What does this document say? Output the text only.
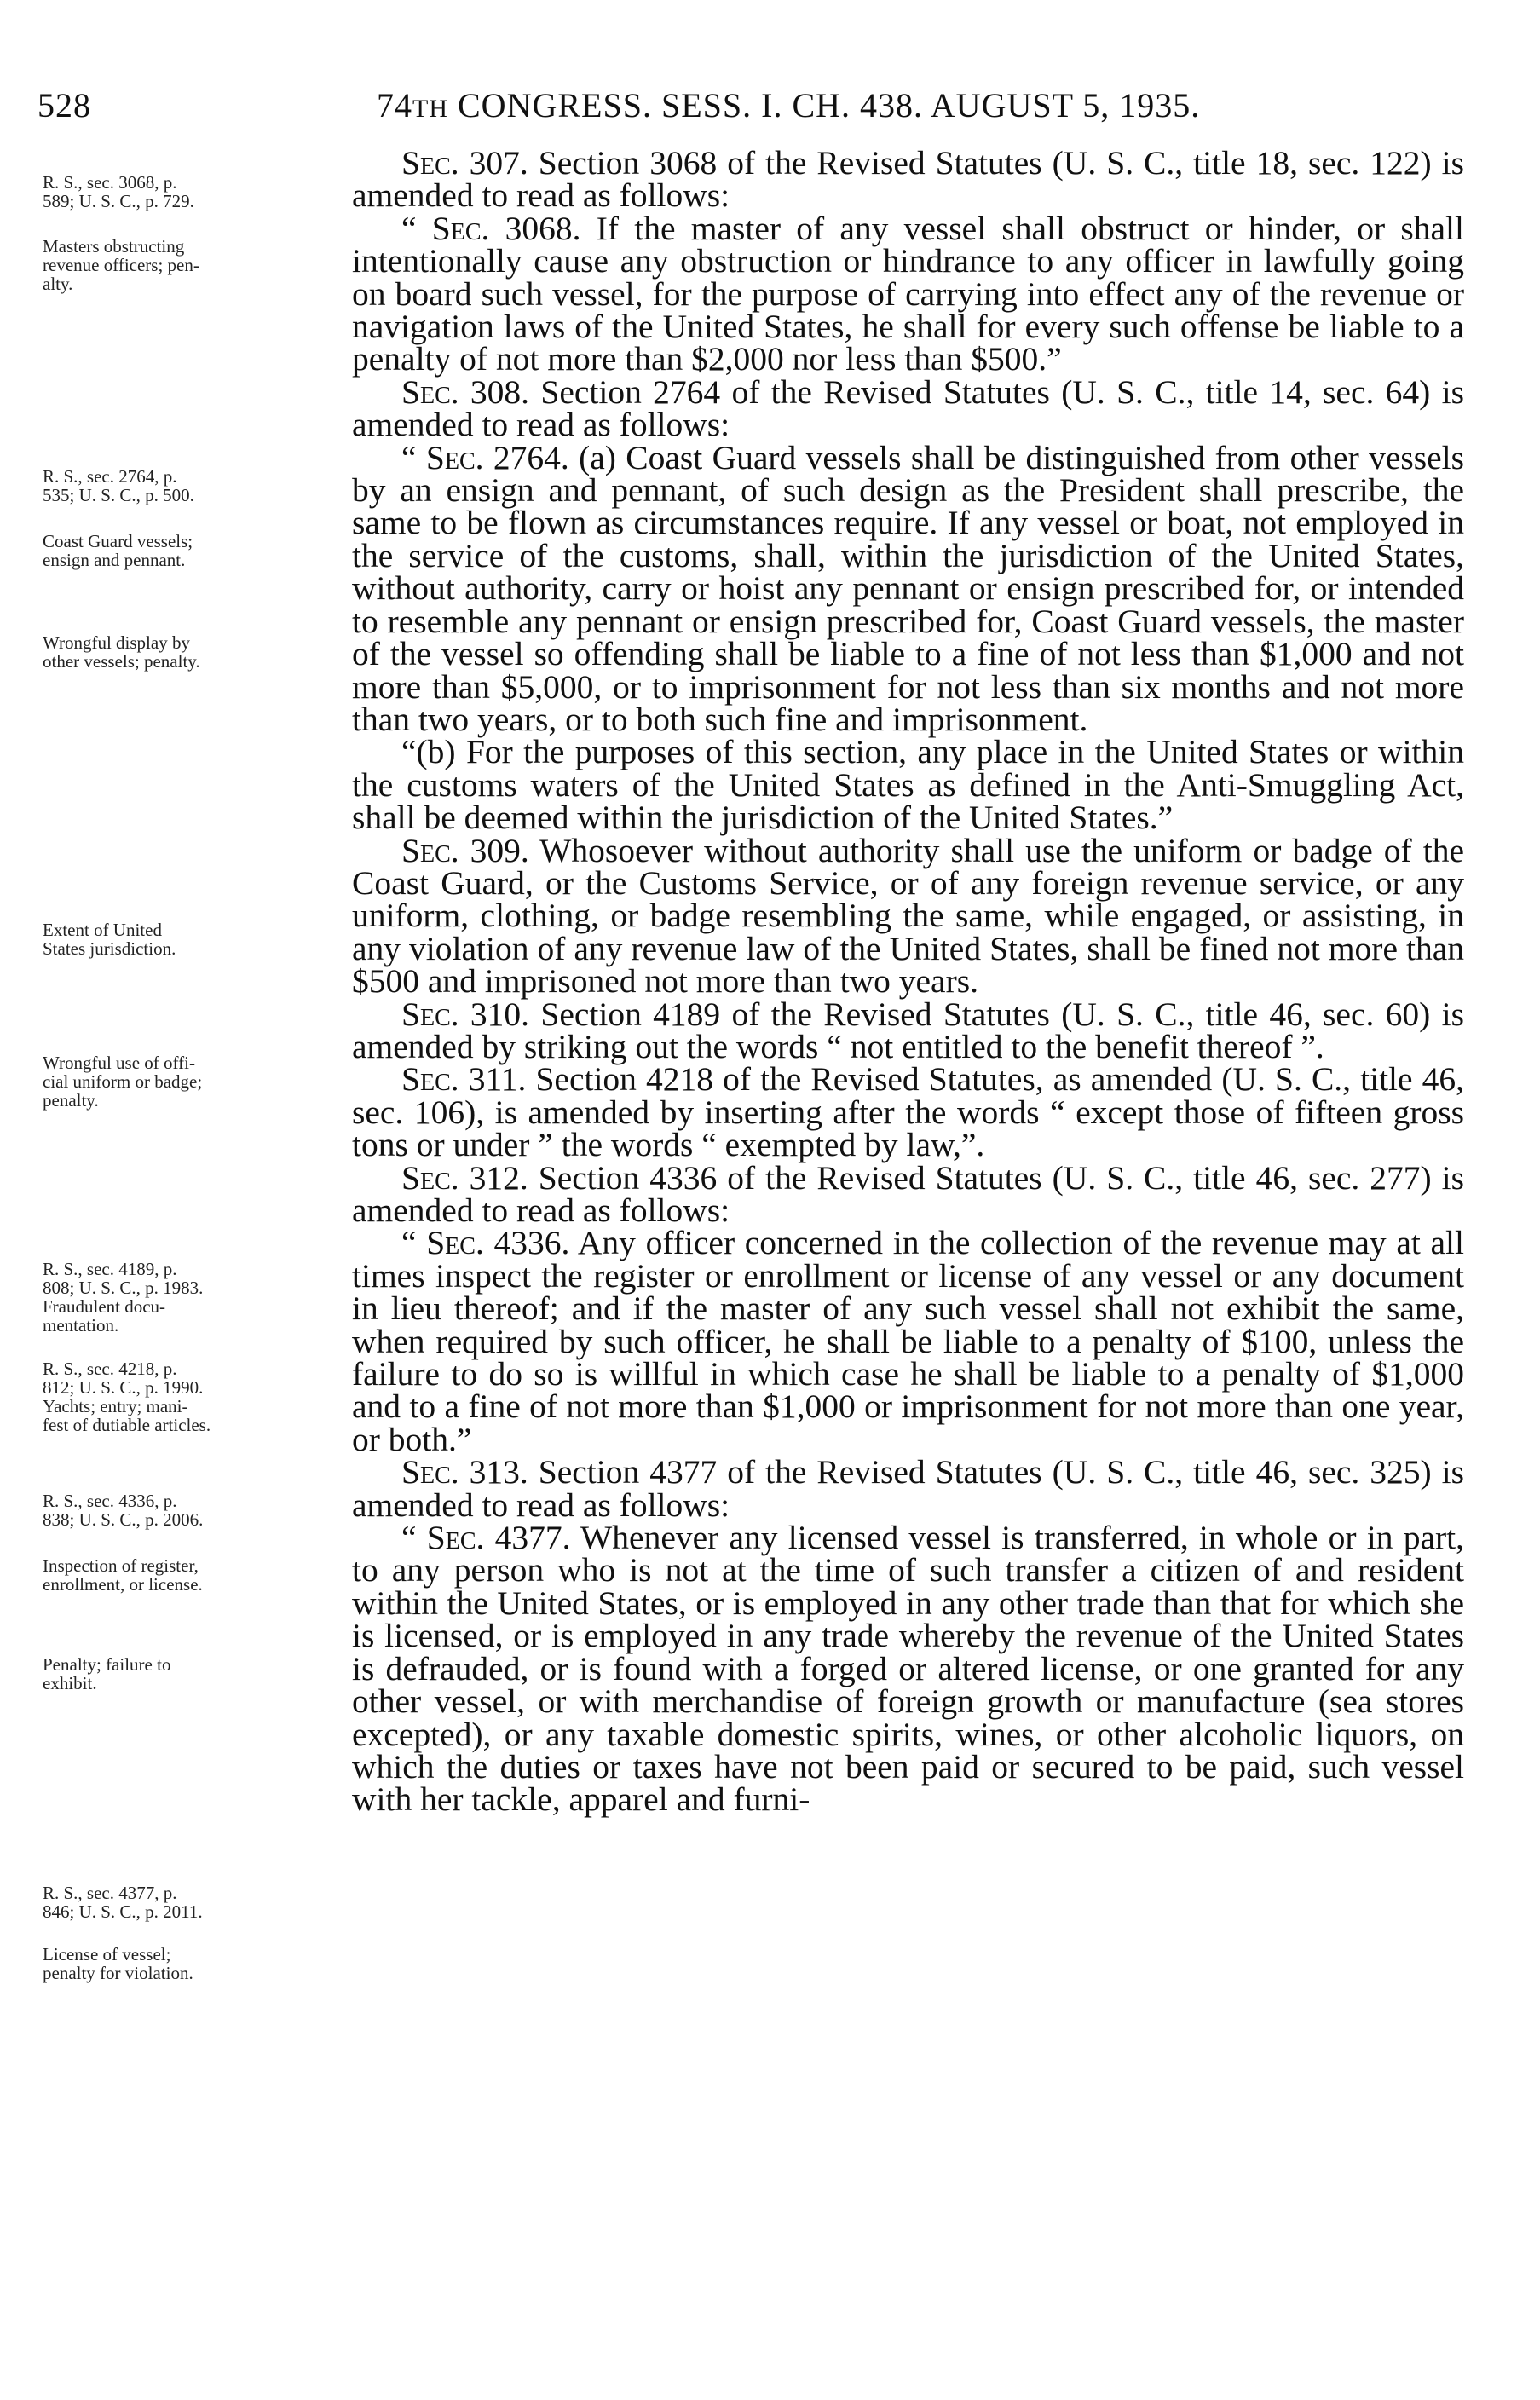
528	74TH CONGRESS. SESS. I. CH. 438. AUGUST 5, 1935.
R. S., sec. 3068, p.
589; U. S. C., p. 729.
Masters obstructing
revenue officers; pen-
alty.
R. S., sec. 2764, p.
535; U. S. C., p. 500.
Coast Guard vessels;
ensign and pennant.
Wrongful display by
other vessels; penalty.
Extent of United
States jurisdiction.
Wrongful use of offi-
cial uniform or badge;
penalty.
R. S., sec. 4189, p.
808; U. S. C., p. 1983.
Fraudulent docu-
mentation.
R. S., sec. 4218, p.
812; U. S. C., p. 1990.
Yachts; entry; mani-
fest of dutiable articles.
R. S., sec. 4336, p.
838; U. S. C., p. 2006.
Inspection of register,
enrollment, or license.
Penalty; failure to
exhibit.
R. S., sec. 4377, p.
846; U. S. C., p. 2011.
License of vessel;
penalty for violation.

Sec. 307. Section 3068 of the Revised Statutes (U. S. C., title 18, sec. 122) is amended to read as follows:

“ Sec. 3068. If the master of any vessel shall obstruct or hinder, or shall intentionally cause any obstruction or hindrance to any officer in lawfully going on board such vessel, for the purpose of carrying into effect any of the revenue or navigation laws of the United States, he shall for every such offense be liable to a penalty of not more than $2,000 nor less than $500.”

Sec. 308. Section 2764 of the Revised Statutes (U. S. C., title 14, sec. 64) is amended to read as follows:

“ Sec. 2764. (a) Coast Guard vessels shall be distinguished from other vessels by an ensign and pennant, of such design as the President shall prescribe, the same to be flown as circumstances require. If any vessel or boat, not employed in the service of the customs, shall, within the jurisdiction of the United States, without authority, carry or hoist any pennant or ensign prescribed for, or intended to resemble any pennant or ensign prescribed for, Coast Guard vessels, the master of the vessel so offending shall be liable to a fine of not less than $1,000 and not more than $5,000, or to imprisonment for not less than six months and not more than two years, or to both such fine and imprisonment.

“(b) For the purposes of this section, any place in the United States or within the customs waters of the United States as defined in the Anti-Smuggling Act, shall be deemed within the jurisdiction of the United States.”

Sec. 309. Whosoever without authority shall use the uniform or badge of the Coast Guard, or the Customs Service, or of any foreign revenue service, or any uniform, clothing, or badge resembling the same, while engaged, or assisting, in any violation of any revenue law of the United States, shall be fined not more than $500 and imprisoned not more than two years.

Sec. 310. Section 4189 of the Revised Statutes (U. S. C., title 46, sec. 60) is amended by striking out the words “ not entitled to the benefit thereof ”.

Sec. 311. Section 4218 of the Revised Statutes, as amended (U. S. C., title 46, sec. 106), is amended by inserting after the words “ except those of fifteen gross tons or under ” the words “ exempted by law,”.

Sec. 312. Section 4336 of the Revised Statutes (U. S. C., title 46, sec. 277) is amended to read as follows:

“ Sec. 4336. Any officer concerned in the collection of the revenue may at all times inspect the register or enrollment or license of any vessel or any document in lieu thereof; and if the master of any such vessel shall not exhibit the same, when required by such officer, he shall be liable to a penalty of $100, unless the failure to do so is willful in which case he shall be liable to a penalty of $1,000 and to a fine of not more than $1,000 or imprisonment for not more than one year, or both.”

Sec. 313. Section 4377 of the Revised Statutes (U. S. C., title 46, sec. 325) is amended to read as follows:

“ Sec. 4377. Whenever any licensed vessel is transferred, in whole or in part, to any person who is not at the time of such transfer a citizen of and resident within the United States, or is employed in any other trade than that for which she is licensed, or is employed in any trade whereby the revenue of the United States is defrauded, or is found with a forged or altered license, or one granted for any other vessel, or with merchandise of foreign growth or manufacture (sea stores excepted), or any taxable domestic spirits, wines, or other alcoholic liquors, on which the duties or taxes have not been paid or secured to be paid, such vessel with her tackle, apparel and furni-
